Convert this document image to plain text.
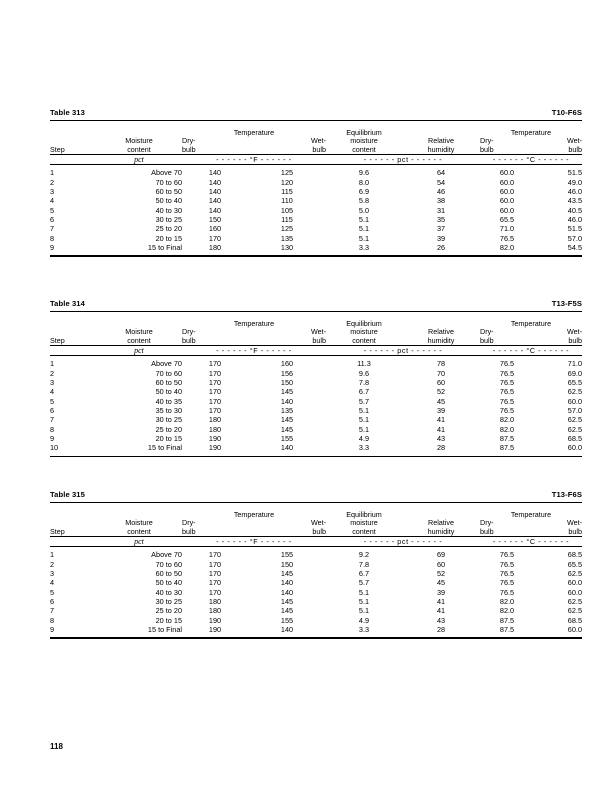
Table 313	T10-F6S

		Temperature		Equilibrium		Temperature	
	Moisture	Dry-	Wet-	moisture	Relative	Dry-	Wet-
Step	content	bulb	bulb	content	humidity	bulb	bulb

	pct	- - - - - - °F - - - - - -		- - - - - - pct - - - - - -		- - - - - - °C - - - - - -	

1	Above 70	140	125	9.6	64	60.0	51.5
2	70 to 60	140	120	8.0	54	60.0	49.0
3	60 to 50	140	115	6.9	46	60.0	46.0
4	50 to 40	140	110	5.8	38	60.0	43.5
5	40 to 30	140	105	5.0	31	60.0	40.5
6	30 to 25	150	115	5.1	35	65.5	46.0
7	25 to 20	160	125	5.1	37	71.0	51.5
8	20 to 15	170	135	5.1	39	76.5	57.0
9	15 to Final	180	130	3.3	26	82.0	54.5

Table 314	T13-F5S

		Temperature		Equilibrium		Temperature	
	Moisture	Dry-	Wet-	moisture	Relative	Dry-	Wet-
Step	content	bulb	bulb	content	humidity	bulb	bulb

	pct	- - - - - - °F - - - - - -		- - - - - - pct - - - - - -		- - - - - - °C - - - - - -	

1	Above 70	170	160	11.3	78	76.5	71.0
2	70 to 60	170	156	9.6	70	76.5	69.0
3	60 to 50	170	150	7.8	60	76.5	65.5
4	50 to 40	170	145	6.7	52	76.5	62.5
5	40 to 35	170	140	5.7	45	76.5	60.0
6	35 to 30	170	135	5.1	39	76.5	57.0
7	30 to 25	180	145	5.1	41	82.0	62.5
8	25 to 20	180	145	5.1	41	82.0	62.5
9	20 to 15	190	155	4.9	43	87.5	68.5
10	15 to Final	190	140	3.3	28	87.5	60.0

Table 315	T13-F6S

		Temperature		Equilibrium		Temperature	
	Moisture	Dry-	Wet-	moisture	Relative	Dry-	Wet-
Step	content	bulb	bulb	content	humidity	bulb	bulb

	pct	- - - - - - °F - - - - - -		- - - - - - pct - - - - - -		- - - - - - °C - - - - - -	

1	Above 70	170	155	9.2	69	76.5	68.5
2	70 to 60	170	150	7.8	60	76.5	65.5
3	60 to 50	170	145	6.7	52	76.5	62.5
4	50 to 40	170	140	5.7	45	76.5	60.0
5	40 to 30	170	140	5.1	39	76.5	60.0
6	30 to 25	180	145	5.1	41	82.0	62.5
7	25 to 20	180	145	5.1	41	82.0	62.5
8	20 to 15	190	155	4.9	43	87.5	68.5
9	15 to Final	190	140	3.3	28	87.5	60.0

118
